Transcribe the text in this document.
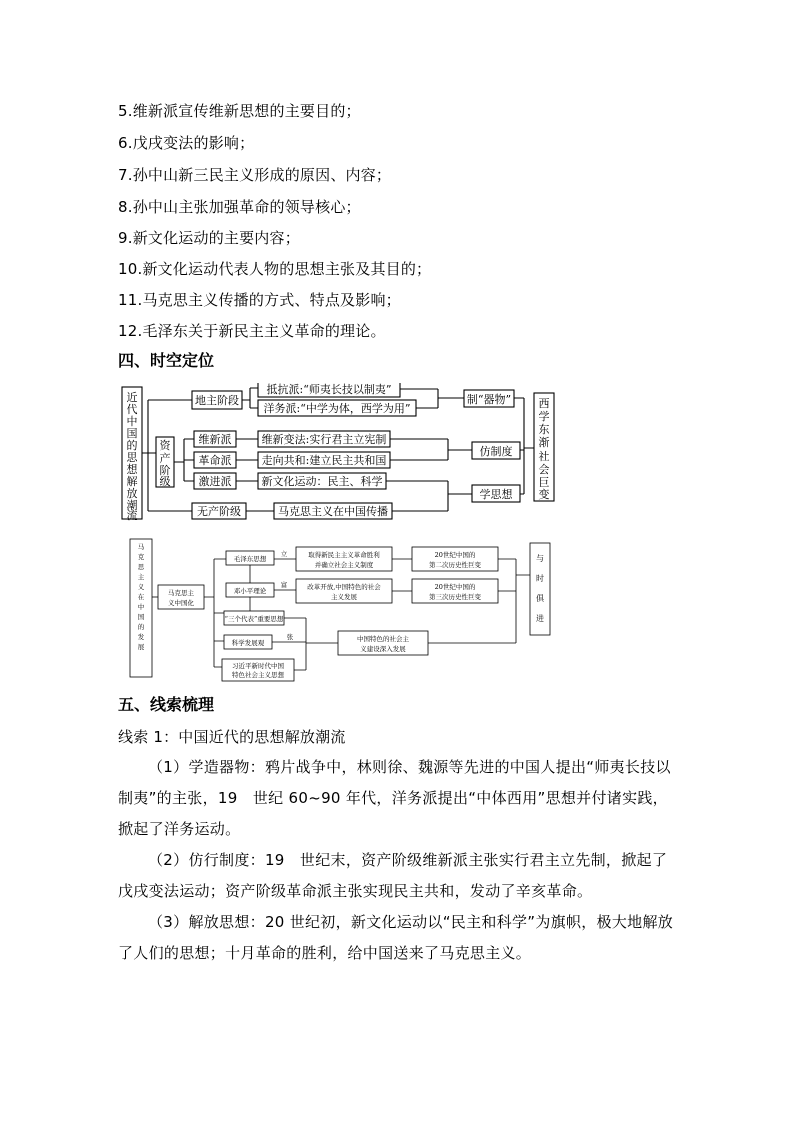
5.维新派宣传维新思想的主要目的；
6.戊戌变法的影响；
7.孙中山新三民主义形成的原因、内容；
8.孙中山主张加强革命的领导核心；
9.新文化运动的主要内容；
10.新文化运动代表人物的思想主张及其目的；
11.马克思主义传播的方式、特点及影响；
12.毛泽东关于新民主主义革命的理论。
四、时空定位
近代中国的思想解放潮流
地主阶段
抵抗派:“师夷长技以制夷”
洋务派:“中学为体，西学为用”
制“器物”
资产阶级
维新派
革命派
激进派
维新变法:实行君主立宪制
走向共和:建立民主共和国
新文化运动：民主、科学
仿制度
无产阶级	马克思主义在中国传播
学思想
西学东渐社会巨变
马克思主义在中国的发展
马克思主义中国化
毛泽东思想
邓小平理论
“三个代表”重要思想
科学发展观
习近平新时代中国
特色社会主义思想
立
富
张
取得新民主主义革命胜利
并确立社会主义制度
改革开放,中国特色的社会
主义发展
20世纪中国的
第二次历史性巨变
20世纪中国的
第三次历史性巨变
中国特色的社会主
义建设深入发展
与时俱进
五、线索梳理
线索 1：中国近代的思想解放潮流
（1）学造器物：鸦片战争中，林则徐、魏源等先进的中国人提出“师夷长技以制夷”的主张，19　世纪 60~90 年代，洋务派提出“中体西用”思想并付诸实践，掀起了洋务运动。
（2）仿行制度：19　世纪末，资产阶级维新派主张实行君主立先制，掀起了戊戌变法运动；资产阶级革命派主张实现民主共和，发动了辛亥革命。
（3）解放思想：20 世纪初，新文化运动以“民主和科学”为旗帜，极大地解放了人们的思想；十月革命的胜利，给中国送来了马克思主义。
